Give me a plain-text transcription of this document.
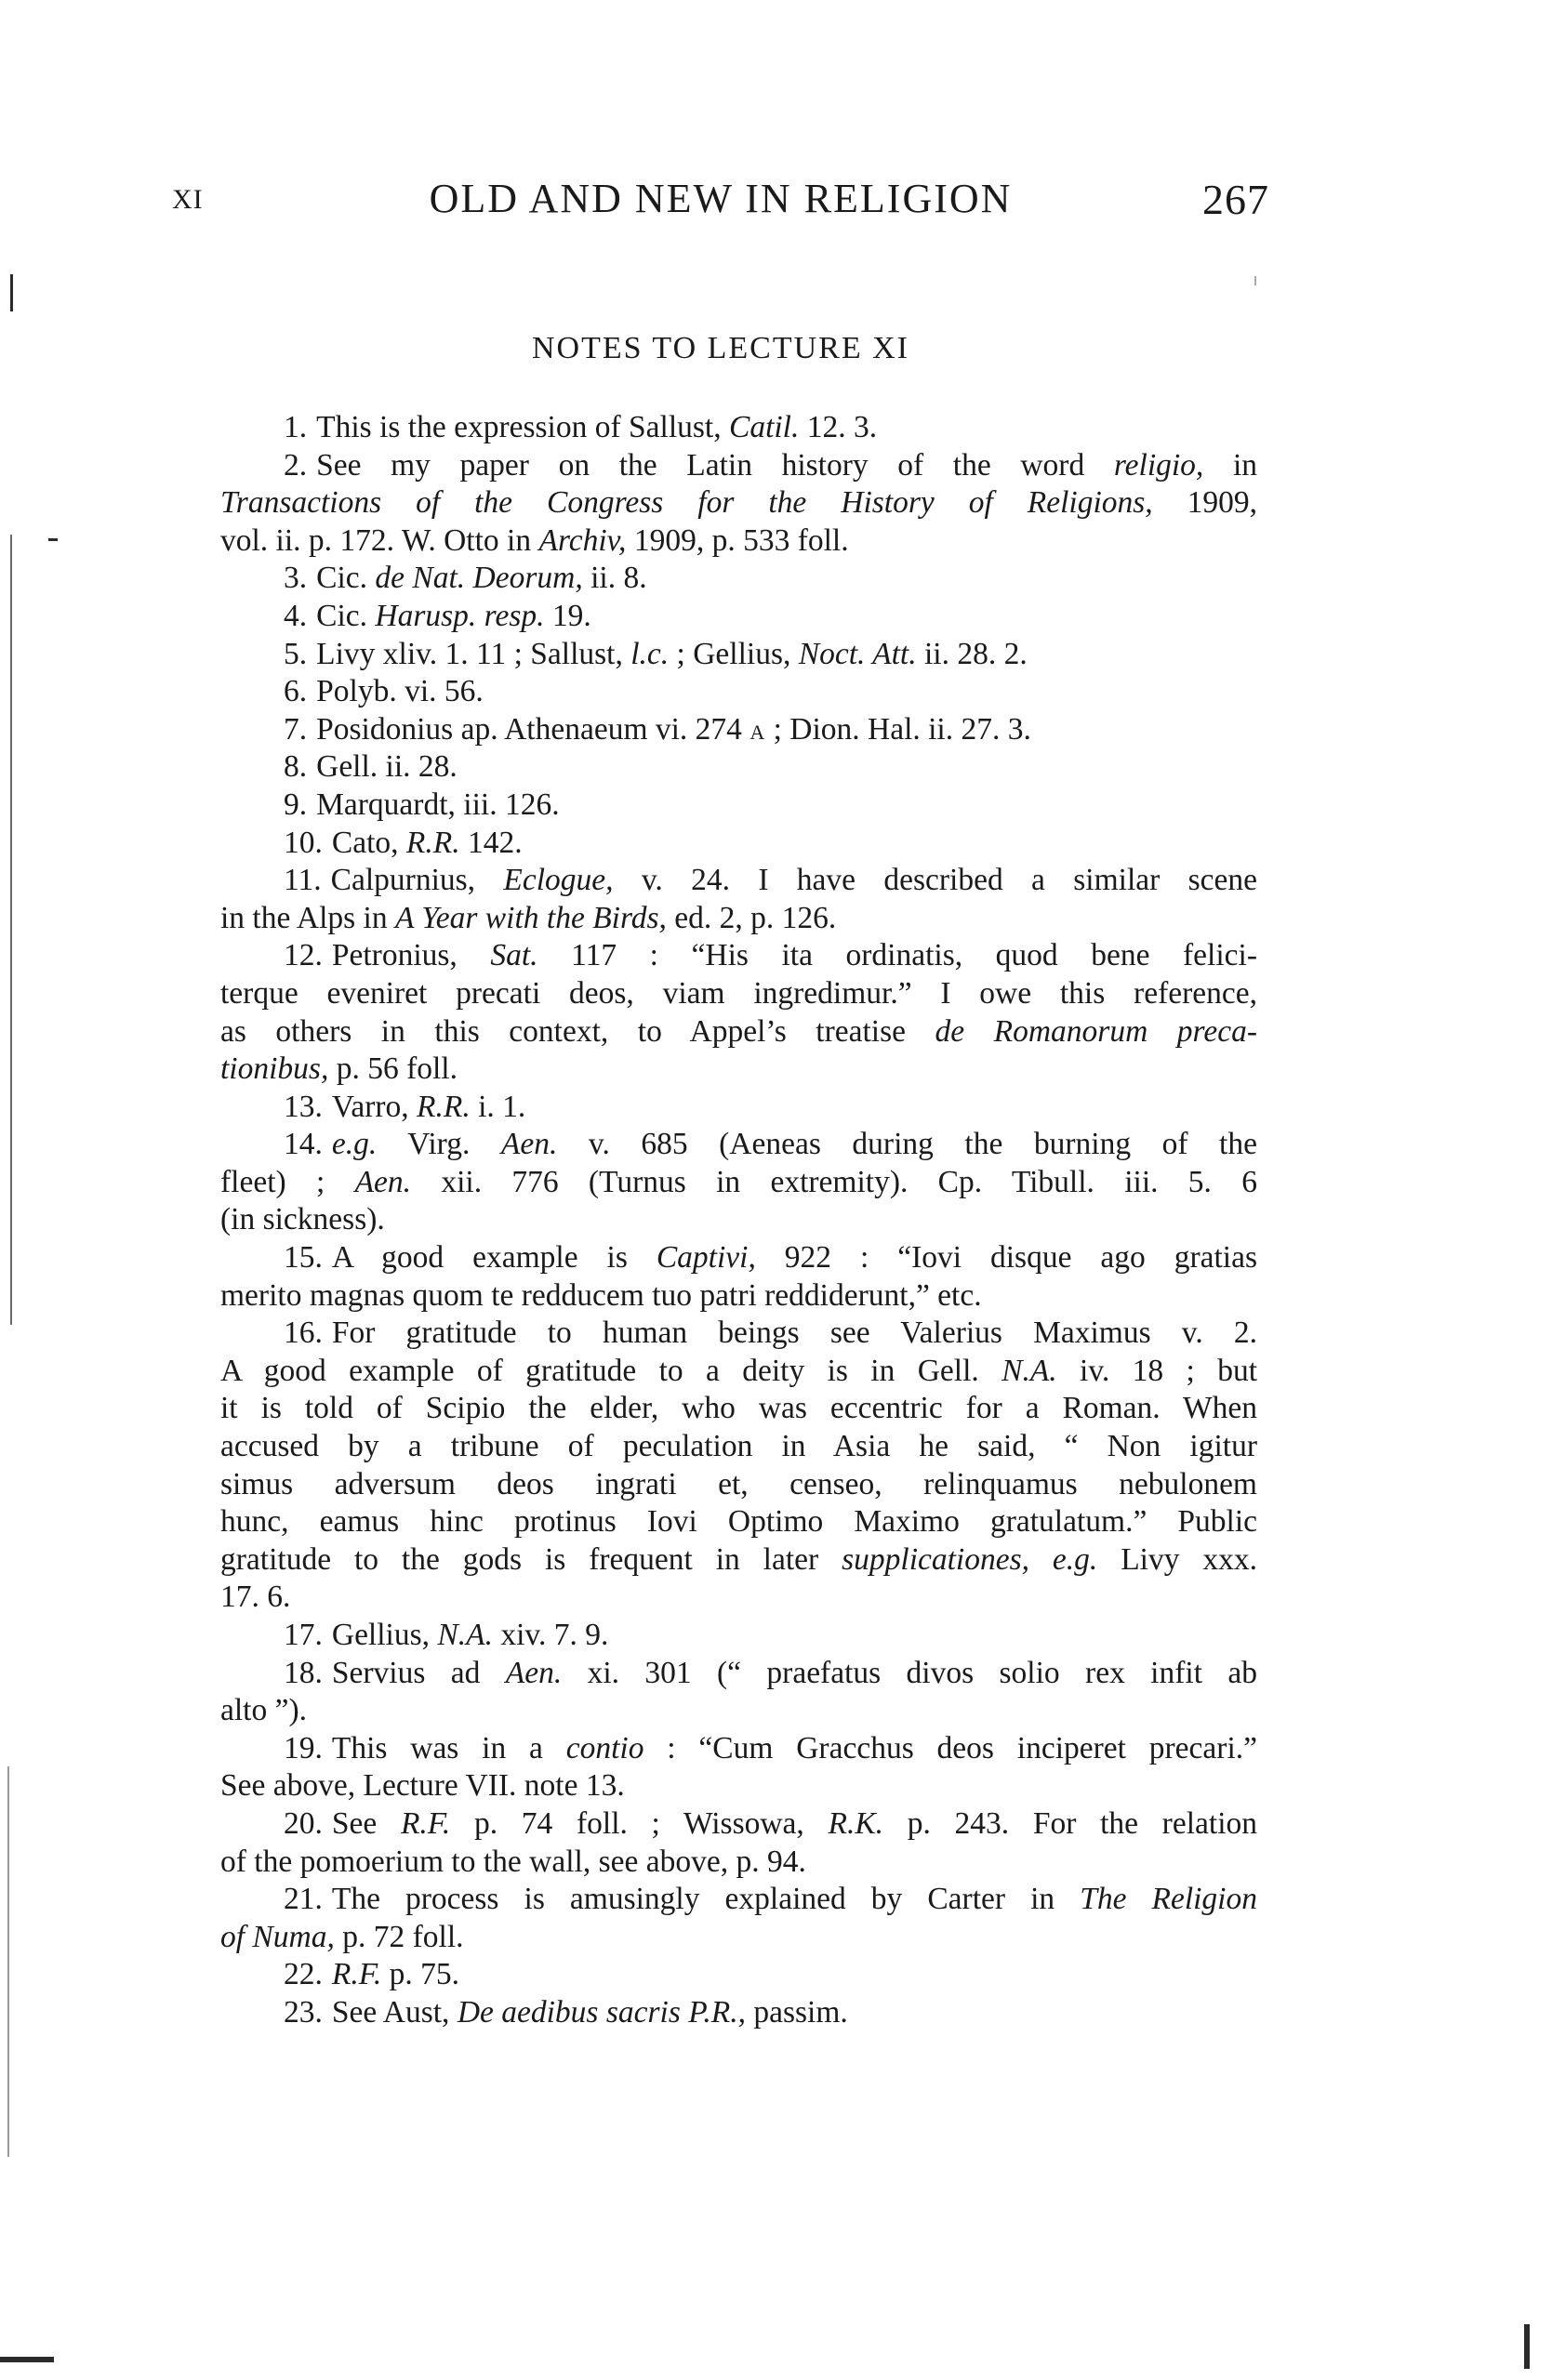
XI	OLD AND NEW IN RELIGION	267
NOTES TO LECTURE XI
1. This is the expression of Sallust, Catil. 12. 3.
2. See my paper on the Latin history of the word religio, in
Transactions of the Congress for the History of Religions, 1909,
vol. ii. p. 172. W. Otto in Archiv, 1909, p. 533 foll.
3. Cic. de Nat. Deorum, ii. 8.
4. Cic. Harusp. resp. 19.
5. Livy xliv. 1. 11 ; Sallust, l.c. ; Gellius, Noct. Att. ii. 28. 2.
6. Polyb. vi. 56.
7. Posidonius ap. Athenaeum vi. 274 A ; Dion. Hal. ii. 27. 3.
8. Gell. ii. 28.
9. Marquardt, iii. 126.
10. Cato, R.R. 142.
11. Calpurnius, Eclogue, v. 24. I have described a similar scene
in the Alps in A Year with the Birds, ed. 2, p. 126.
12. Petronius, Sat. 117 : “His ita ordinatis, quod bene felici-
terque eveniret precati deos, viam ingredimur.” I owe this reference,
as others in this context, to Appel’s treatise de Romanorum preca-
tionibus, p. 56 foll.
13. Varro, R.R. i. 1.
14. e.g. Virg. Aen. v. 685 (Aeneas during the burning of the
fleet) ; Aen. xii. 776 (Turnus in extremity). Cp. Tibull. iii. 5. 6
(in sickness).
15. A good example is Captivi, 922 : “Iovi disque ago gratias
merito magnas quom te redducem tuo patri reddiderunt,” etc.
16. For gratitude to human beings see Valerius Maximus v. 2.
A good example of gratitude to a deity is in Gell. N.A. iv. 18 ; but
it is told of Scipio the elder, who was eccentric for a Roman. When
accused by a tribune of peculation in Asia he said, “ Non igitur
simus adversum deos ingrati et, censeo, relinquamus nebulonem
hunc, eamus hinc protinus Iovi Optimo Maximo gratulatum.” Public
gratitude to the gods is frequent in later supplicationes, e.g. Livy xxx.
17. 6.
17. Gellius, N.A. xiv. 7. 9.
18. Servius ad Aen. xi. 301 (“ praefatus divos solio rex infit ab
alto ”).
19. This was in a contio : “Cum Gracchus deos inciperet precari.”
See above, Lecture VII. note 13.
20. See R.F. p. 74 foll. ; Wissowa, R.K. p. 243. For the relation
of the pomoerium to the wall, see above, p. 94.
21. The process is amusingly explained by Carter in The Religion
of Numa, p. 72 foll.
22. R.F. p. 75.
23. See Aust, De aedibus sacris P.R., passim.
